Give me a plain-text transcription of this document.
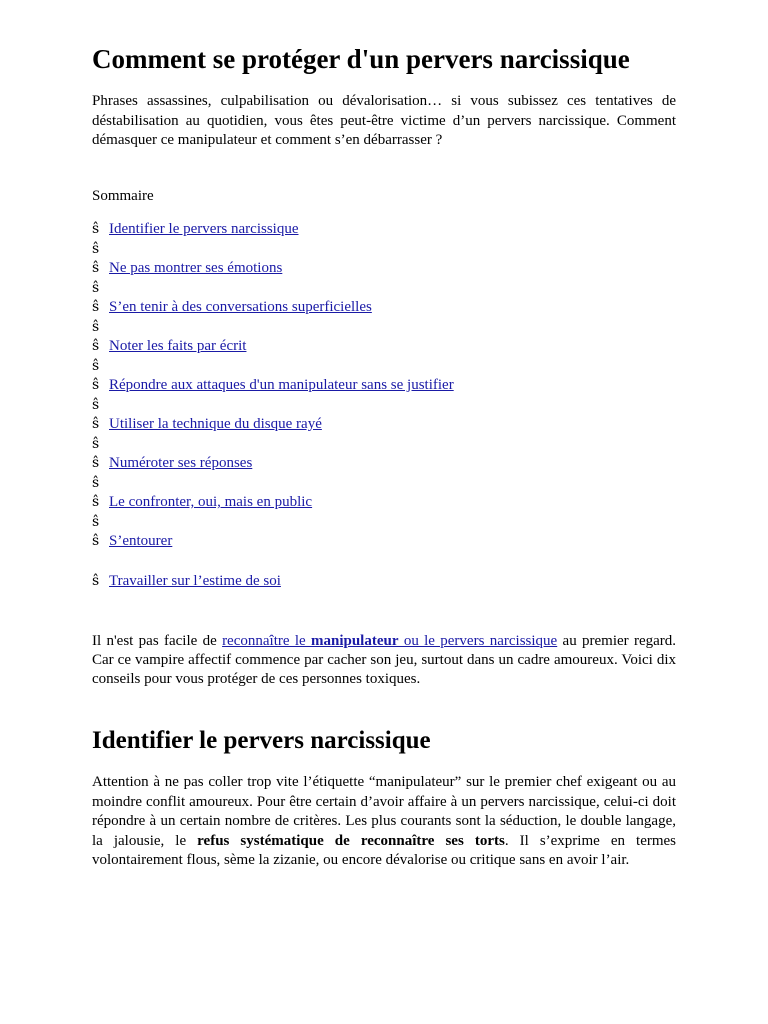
Comment se protéger d'un pervers narcissique

Phrases assassines, culpabilisation ou dévalorisation… si vous subissez ces tentatives de déstabilisation au quotidien, vous êtes peut-être victime d’un pervers narcissique. Comment démasquer ce manipulateur et comment s’en débarrasser ?

Sommaire

ŝ Identifier le pervers narcissique
ŝ
ŝ Ne pas montrer ses émotions
ŝ
ŝ S’en tenir à des conversations superficielles
ŝ
ŝ Noter les faits par écrit
ŝ
ŝ Répondre aux attaques d'un manipulateur sans se justifier
ŝ
ŝ Utiliser la technique du disque rayé
ŝ
ŝ Numéroter ses réponses
ŝ
ŝ Le confronter, oui, mais en public
ŝ
ŝ S’entourer
ŝ Travailler sur l’estime de soi

Il n'est pas facile de reconnaître le manipulateur ou le pervers narcissique au premier regard. Car ce vampire affectif commence par cacher son jeu, surtout dans un cadre amoureux. Voici dix conseils pour vous protéger de ces personnes toxiques.

Identifier le pervers narcissique

Attention à ne pas coller trop vite l’étiquette “manipulateur” sur le premier chef exigeant ou au moindre conflit amoureux. Pour être certain d’avoir affaire à un pervers narcissique, celui-ci doit répondre à un certain nombre de critères. Les plus courants sont la séduction, le double langage, la jalousie, le refus systématique de reconnaître ses torts. Il s’exprime en termes volontairement flous, sème la zizanie, ou encore dévalorise ou critique sans en avoir l’air.
